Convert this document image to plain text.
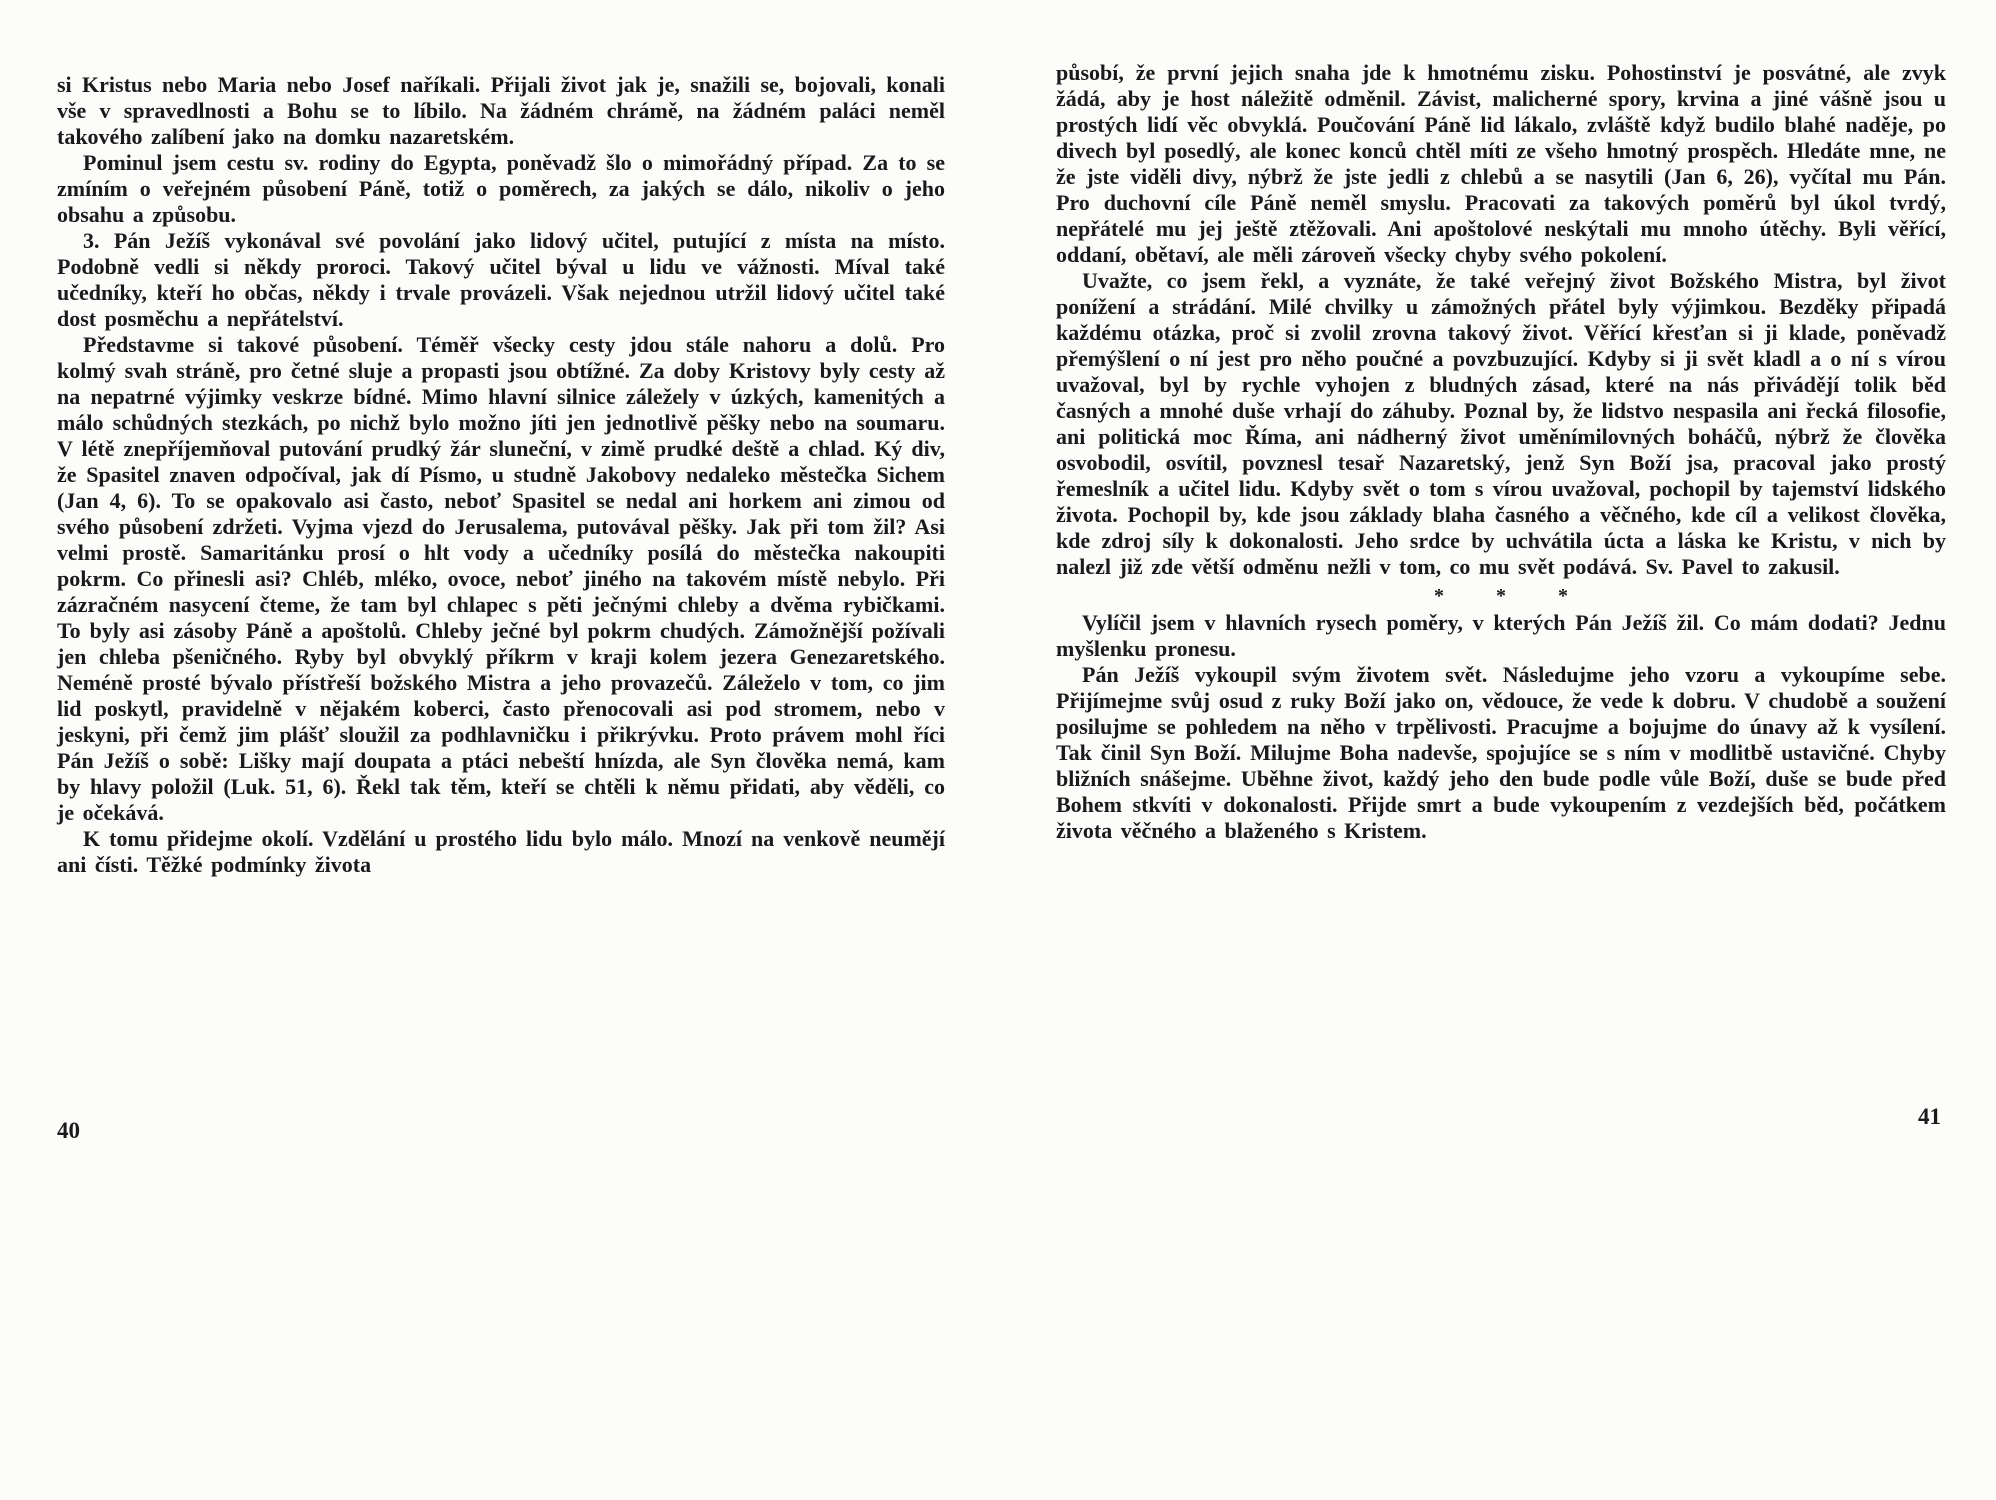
si Kristus nebo Maria nebo Josef naříkali. Přijali život jak je, snažili se, bojovali, konali vše v spravedlnosti a Bohu se to líbilo. Na žádném chrámě, na žádném paláci neměl takového zalíbení jako na domku nazaretském.

Pominul jsem cestu sv. rodiny do Egypta, poněvadž šlo o mimořádný případ. Za to se zmíním o veřejném působení Páně, totiž o poměrech, za jakých se dálo, nikoliv o jeho obsahu a způsobu.

3. Pán Ježíš vykonával své povolání jako lidový učitel, putující z místa na místo. Podobně vedli si někdy proroci. Takový učitel býval u lidu ve vážnosti. Míval také učedníky, kteří ho občas, někdy i trvale provázeli. Však nejednou utržil lidový učitel také dost posměchu a nepřátelství.

Představme si takové působení. Téměř všecky cesty jdou stále nahoru a dolů. Pro kolmý svah stráně, pro četné sluje a propasti jsou obtížné. Za doby Kristovy byly cesty až na nepatrné výjimky veskrze bídné. Mimo hlavní silnice záležely v úzkých, kamenitých a málo schůdných stezkách, po nichž bylo možno jíti jen jednotlivě pěšky nebo na soumaru. V létě znepříjemňoval putování prudký žár sluneční, v zimě prudké deště a chlad. Ký div, že Spasitel znaven odpočíval, jak dí Písmo, u studně Jakobovy nedaleko městečka Sichem (Jan 4, 6). To se opakovalo asi často, neboť Spasitel se nedal ani horkem ani zimou od svého působení zdržeti. Vyjma vjezd do Jerusalema, putovával pěšky. Jak při tom žil? Asi velmi prostě. Samaritánku prosí o hlt vody a učedníky posílá do městečka nakoupiti pokrm. Co přinesli asi? Chléb, mléko, ovoce, neboť jiného na takovém místě nebylo. Při zázračném nasycení čteme, že tam byl chlapec s pěti ječnými chleby a dvěma rybičkami. To byly asi zásoby Páně a apoštolů. Chleby ječné byl pokrm chudých. Zámožnější požívali jen chleba pšeničného. Ryby byl obvyklý příkrm v kraji kolem jezera Genezaretského. Neméně prosté bývalo přístřeší božského Mistra a jeho provazečů. Záleželo v tom, co jim lid poskytl, pravidelně v nějakém koberci, často přenocovali asi pod stromem, nebo v jeskyni, při čemž jim plášť sloužil za podhlavničku i přikrývku. Proto právem mohl říci Pán Ježíš o sobě: Lišky mají doupata a ptáci nebeští hnízda, ale Syn člověka nemá, kam by hlavy položil (Luk. 51, 6). Řekl tak těm, kteří se chtěli k němu přidati, aby věděli, co je očekává.

K tomu přidejme okolí. Vzdělání u prostého lidu bylo málo. Mnozí na venkově neumějí ani čísti. Těžké podmínky života

působí, že první jejich snaha jde k hmotnému zisku. Pohostinství je posvátné, ale zvyk žádá, aby je host náležitě odměnil. Závist, malicherné spory, krvina a jiné vášně jsou u prostých lidí věc obvyklá. Poučování Páně lid lákalo, zvláště když budilo blahé naděje, po divech byl posedlý, ale konec konců chtěl míti ze všeho hmotný prospěch. Hledáte mne, ne že jste viděli divy, nýbrž že jste jedli z chlebů a se nasytili (Jan 6, 26), vyčítal mu Pán. Pro duchovní cíle Páně neměl smyslu. Pracovati za takových poměrů byl úkol tvrdý, nepřátelé mu jej ještě ztěžovali. Ani apoštolové neskýtali mu mnoho útěchy. Byli věřící, oddaní, obětaví, ale měli zároveň všecky chyby svého pokolení.

Uvažte, co jsem řekl, a vyznáte, že také veřejný život Božského Mistra, byl život ponížení a strádání. Milé chvilky u zámožných přátel byly výjimkou. Bezděky připadá každému otázka, proč si zvolil zrovna takový život. Věřící křesťan si ji klade, poněvadž přemýšlení o ní jest pro něho poučné a povzbuzující. Kdyby si ji svět kladl a o ní s vírou uvažoval, byl by rychle vyhojen z bludných zásad, které na nás přivádějí tolik běd časných a mnohé duše vrhají do záhuby. Poznal by, že lidstvo nespasila ani řecká filosofie, ani politická moc Říma, ani nádherný život uměnímilovných boháčů, nýbrž že člověka osvobodil, osvítil, povznesl tesař Nazaretský, jenž Syn Boží jsa, pracoval jako prostý řemeslník a učitel lidu. Kdyby svět o tom s vírou uvažoval, pochopil by tajemství lidského života. Pochopil by, kde jsou základy blaha časného a věčného, kde cíl a velikost člověka, kde zdroj síly k dokonalosti. Jeho srdce by uchvátila úcta a láska ke Kristu, v nich by nalezl již zde větší odměnu nežli v tom, co mu svět podává. Sv. Pavel to zakusil.

* * *

Vylíčil jsem v hlavních rysech poměry, v kterých Pán Ježíš žil. Co mám dodati? Jednu myšlenku pronesu.

Pán Ježíš vykoupil svým životem svět. Následujme jeho vzoru a vykoupíme sebe. Přijímejme svůj osud z ruky Boží jako on, vědouce, že vede k dobru. V chudobě a soužení posilujme se pohledem na něho v trpělivosti. Pracujme a bojujme do únavy až k vysílení. Tak činil Syn Boží. Milujme Boha nadevše, spojujíce se s ním v modlitbě ustavičné. Chyby bližních snášejme. Uběhne život, každý jeho den bude podle vůle Boží, duše se bude před Bohem stkvíti v dokonalosti. Přijde smrt a bude vykoupením z vezdejších běd, počátkem života věčného a blaženého s Kristem.

40
41
